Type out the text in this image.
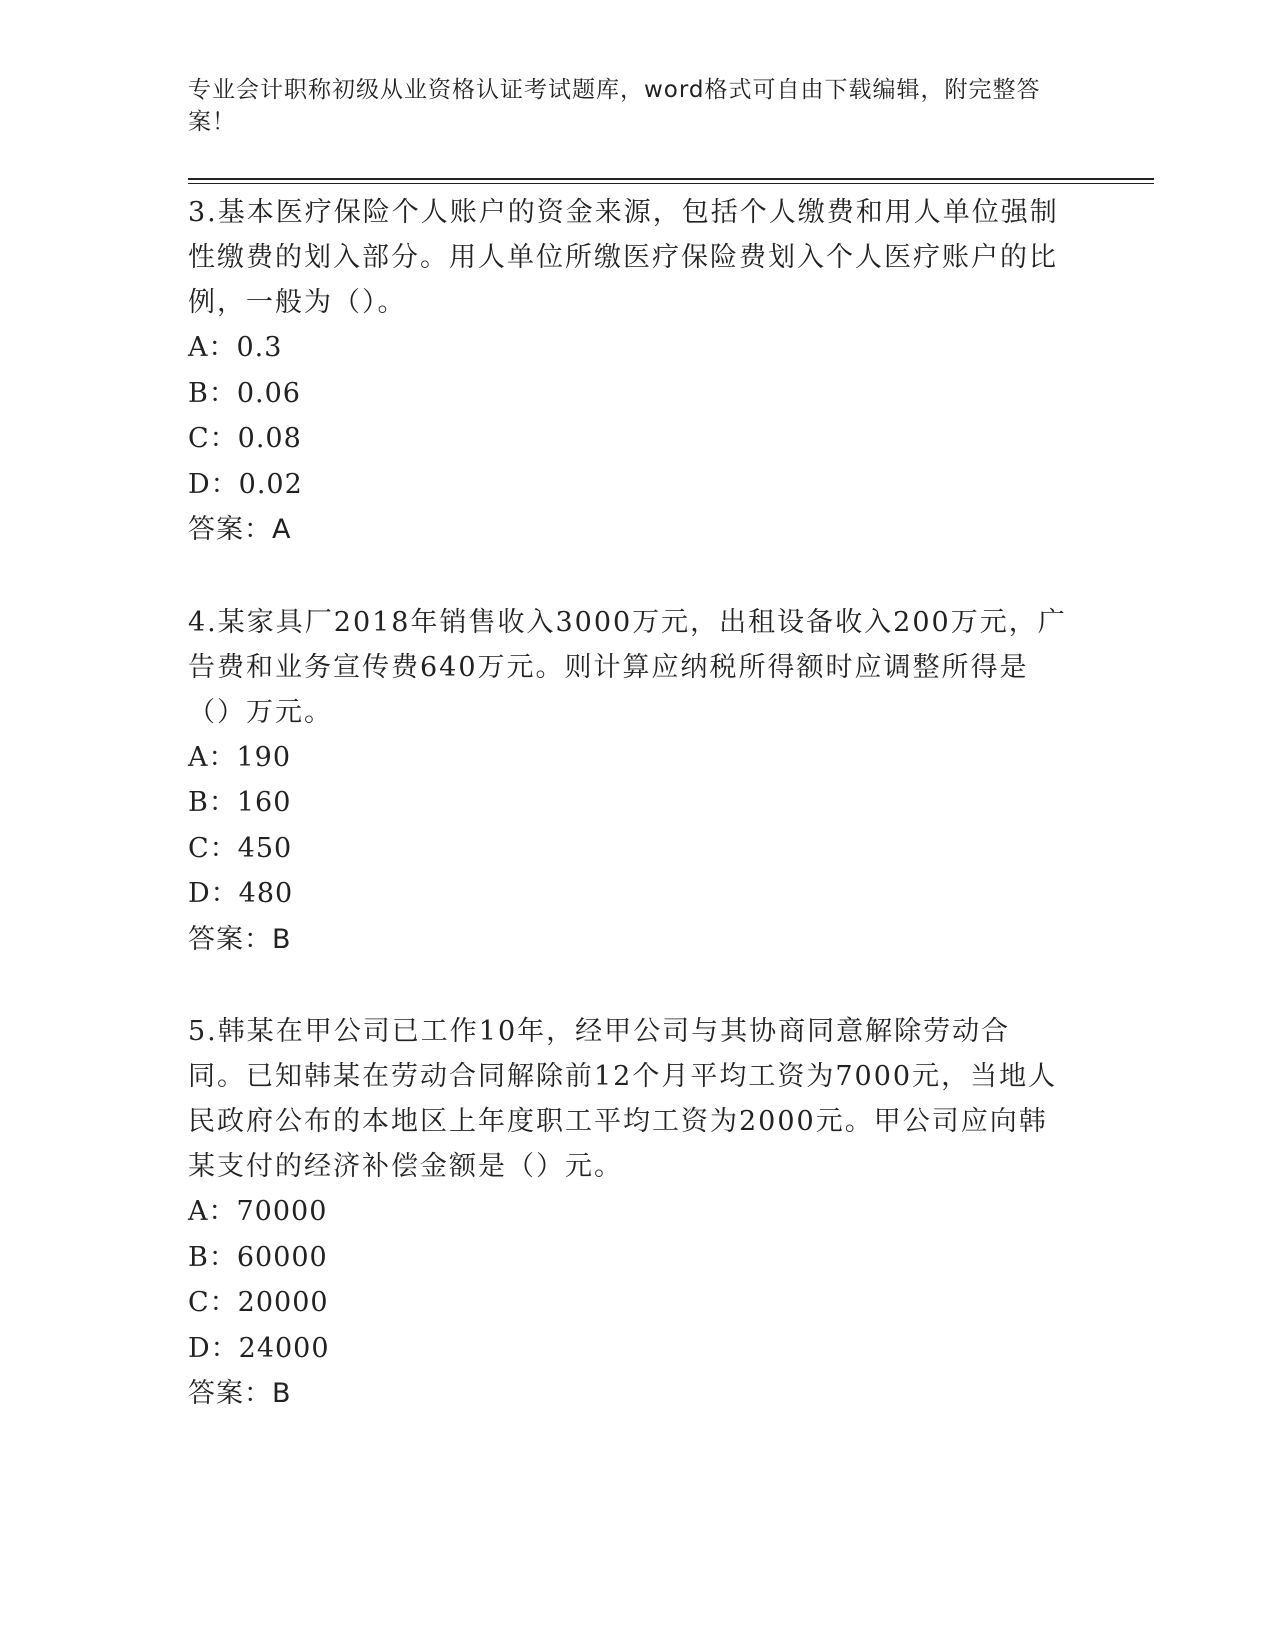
专业会计职称初级从业资格认证考试题库，word格式可自由下载编辑，附完整答案！

3.基本医疗保险个人账户的资金来源，包括个人缴费和用人单位强制性缴费的划入部分。用人单位所缴医疗保险费划入个人医疗账户的比例，一般为（）。

A：0.3

B：0.06

C：0.08

D：0.02

答案：A

4.某家具厂2018年销售收入3000万元，出租设备收入200万元，广告费和业务宣传费640万元。则计算应纳税所得额时应调整所得是（）万元。

A：190

B：160

C：450

D：480

答案：B

5.韩某在甲公司已工作10年，经甲公司与其协商同意解除劳动合同。已知韩某在劳动合同解除前12个月平均工资为7000元，当地人民政府公布的本地区上年度职工平均工资为2000元。甲公司应向韩某支付的经济补偿金额是（）元。

A：70000

B：60000

C：20000

D：24000

答案：B
